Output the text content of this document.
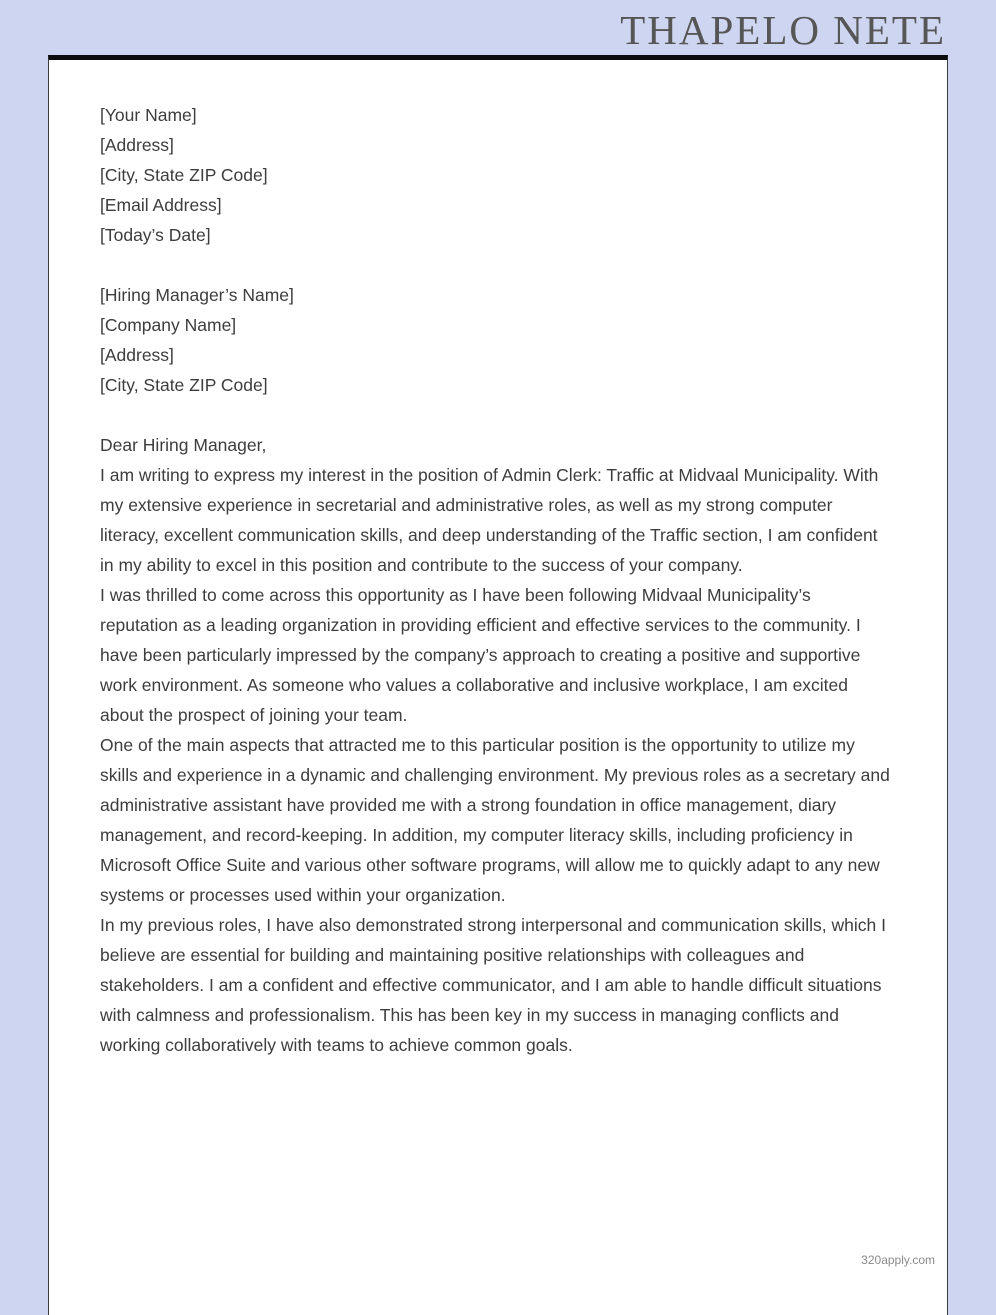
THAPELO NETE

[Your Name]

[Address]

[City, State ZIP Code]

[Email Address]

[Today’s Date]

[Hiring Manager’s Name]

[Company Name]

[Address]

[City, State ZIP Code]

Dear Hiring Manager,

I am writing to express my interest in the position of Admin Clerk: Traffic at Midvaal Municipality. With my extensive experience in secretarial and administrative roles, as well as my strong computer literacy, excellent communication skills, and deep understanding of the Traffic section, I am confident in my ability to excel in this position and contribute to the success of your company.

I was thrilled to come across this opportunity as I have been following Midvaal Municipality’s reputation as a leading organization in providing efficient and effective services to the community. I have been particularly impressed by the company’s approach to creating a positive and supportive work environment. As someone who values a collaborative and inclusive workplace, I am excited about the prospect of joining your team.

One of the main aspects that attracted me to this particular position is the opportunity to utilize my skills and experience in a dynamic and challenging environment. My previous roles as a secretary and administrative assistant have provided me with a strong foundation in office management, diary management, and record-keeping. In addition, my computer literacy skills, including proficiency in Microsoft Office Suite and various other software programs, will allow me to quickly adapt to any new systems or processes used within your organization.

In my previous roles, I have also demonstrated strong interpersonal and communication skills, which I believe are essential for building and maintaining positive relationships with colleagues and stakeholders. I am a confident and effective communicator, and I am able to handle difficult situations with calmness and professionalism. This has been key in my success in managing conflicts and working collaboratively with teams to achieve common goals.

320apply.com
